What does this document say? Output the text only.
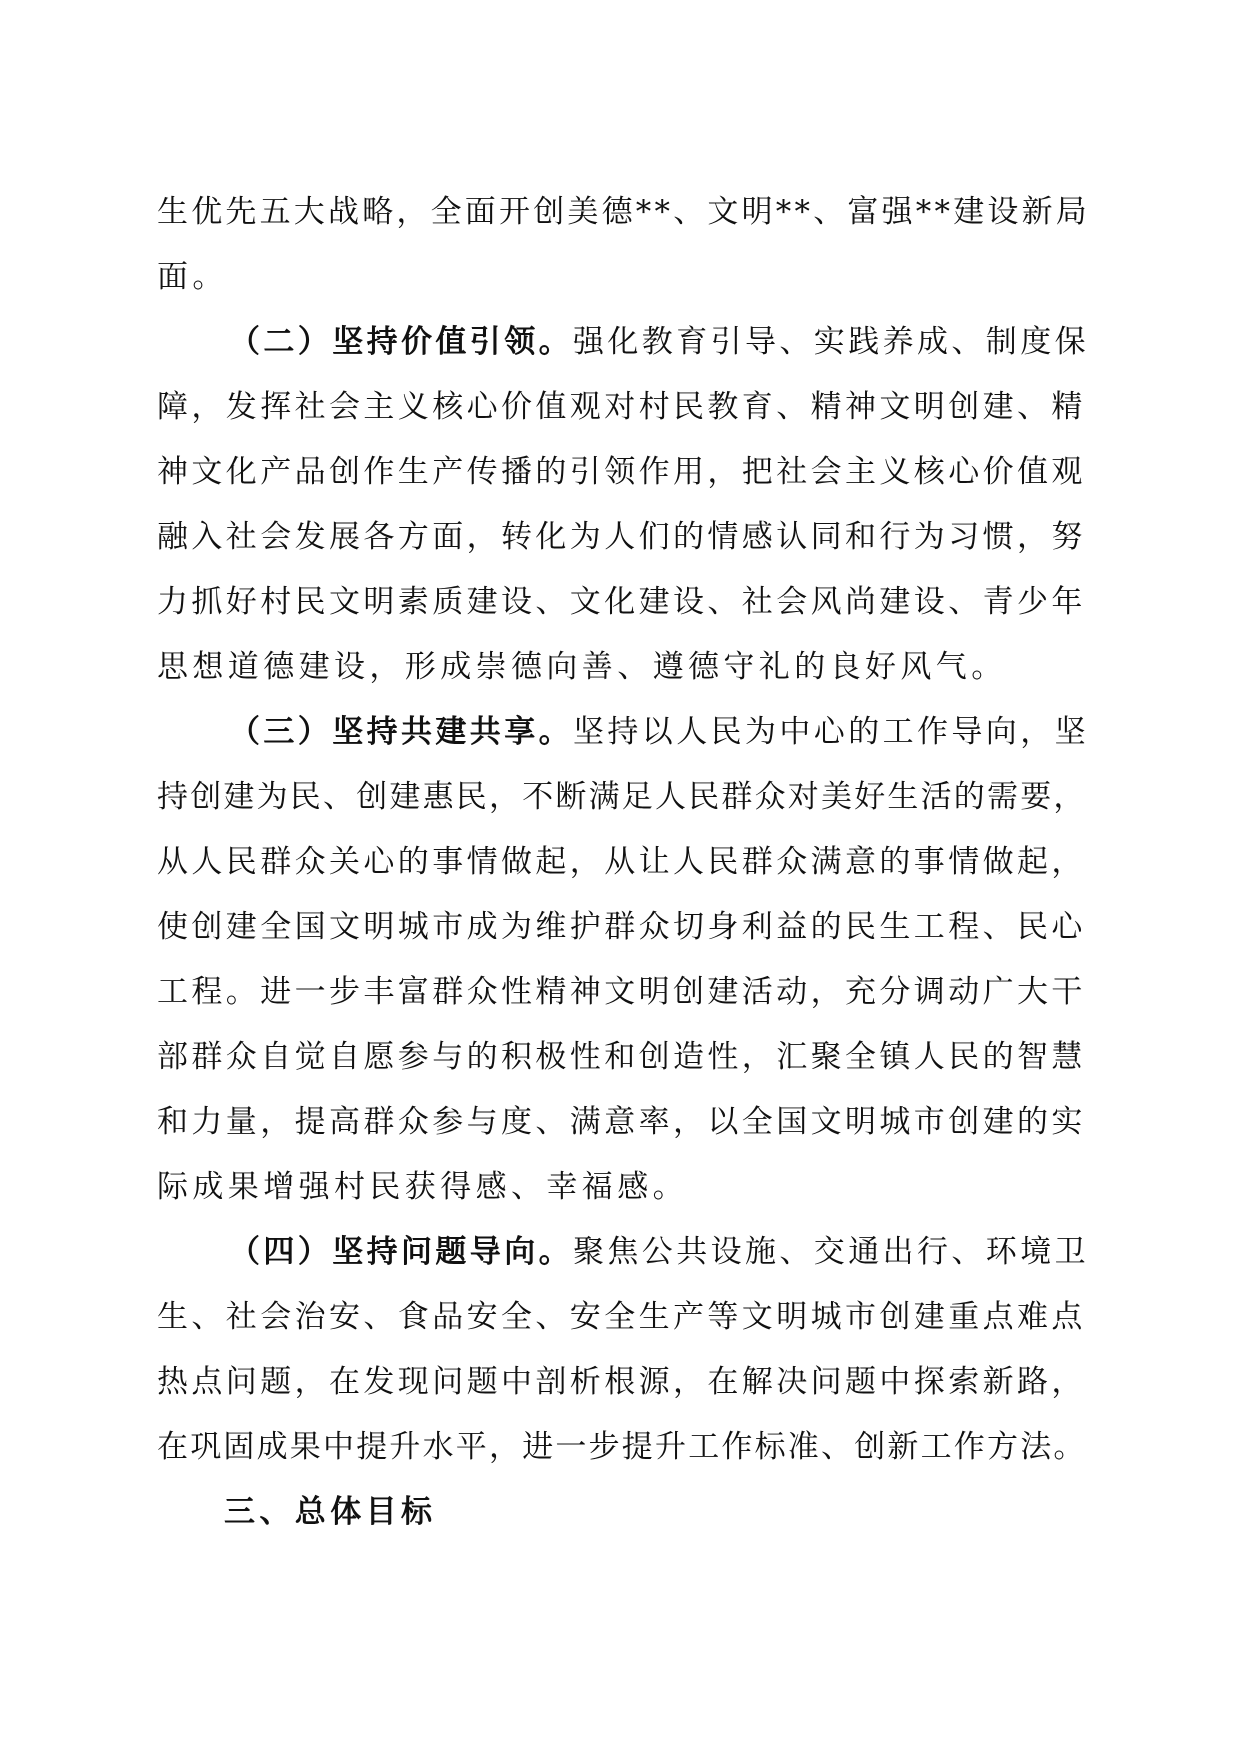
生优先五大战略，全面开创美德**、文明**、富强**建设新局
面。
（二）坚持价值引领。强化教育引导、实践养成、制度保
障，发挥社会主义核心价值观对村民教育、精神文明创建、精
神文化产品创作生产传播的引领作用，把社会主义核心价值观
融入社会发展各方面，转化为人们的情感认同和行为习惯，努
力抓好村民文明素质建设、文化建设、社会风尚建设、青少年
思想道德建设，形成崇德向善、遵德守礼的良好风气。
（三）坚持共建共享。坚持以人民为中心的工作导向，坚
持创建为民、创建惠民，不断满足人民群众对美好生活的需要，
从人民群众关心的事情做起，从让人民群众满意的事情做起，
使创建全国文明城市成为维护群众切身利益的民生工程、民心
工程。进一步丰富群众性精神文明创建活动，充分调动广大干
部群众自觉自愿参与的积极性和创造性，汇聚全镇人民的智慧
和力量，提高群众参与度、满意率，以全国文明城市创建的实
际成果增强村民获得感、幸福感。
（四）坚持问题导向。聚焦公共设施、交通出行、环境卫
生、社会治安、食品安全、安全生产等文明城市创建重点难点
热点问题，在发现问题中剖析根源，在解决问题中探索新路，
在巩固成果中提升水平，进一步提升工作标准、创新工作方法。
三、总体目标
